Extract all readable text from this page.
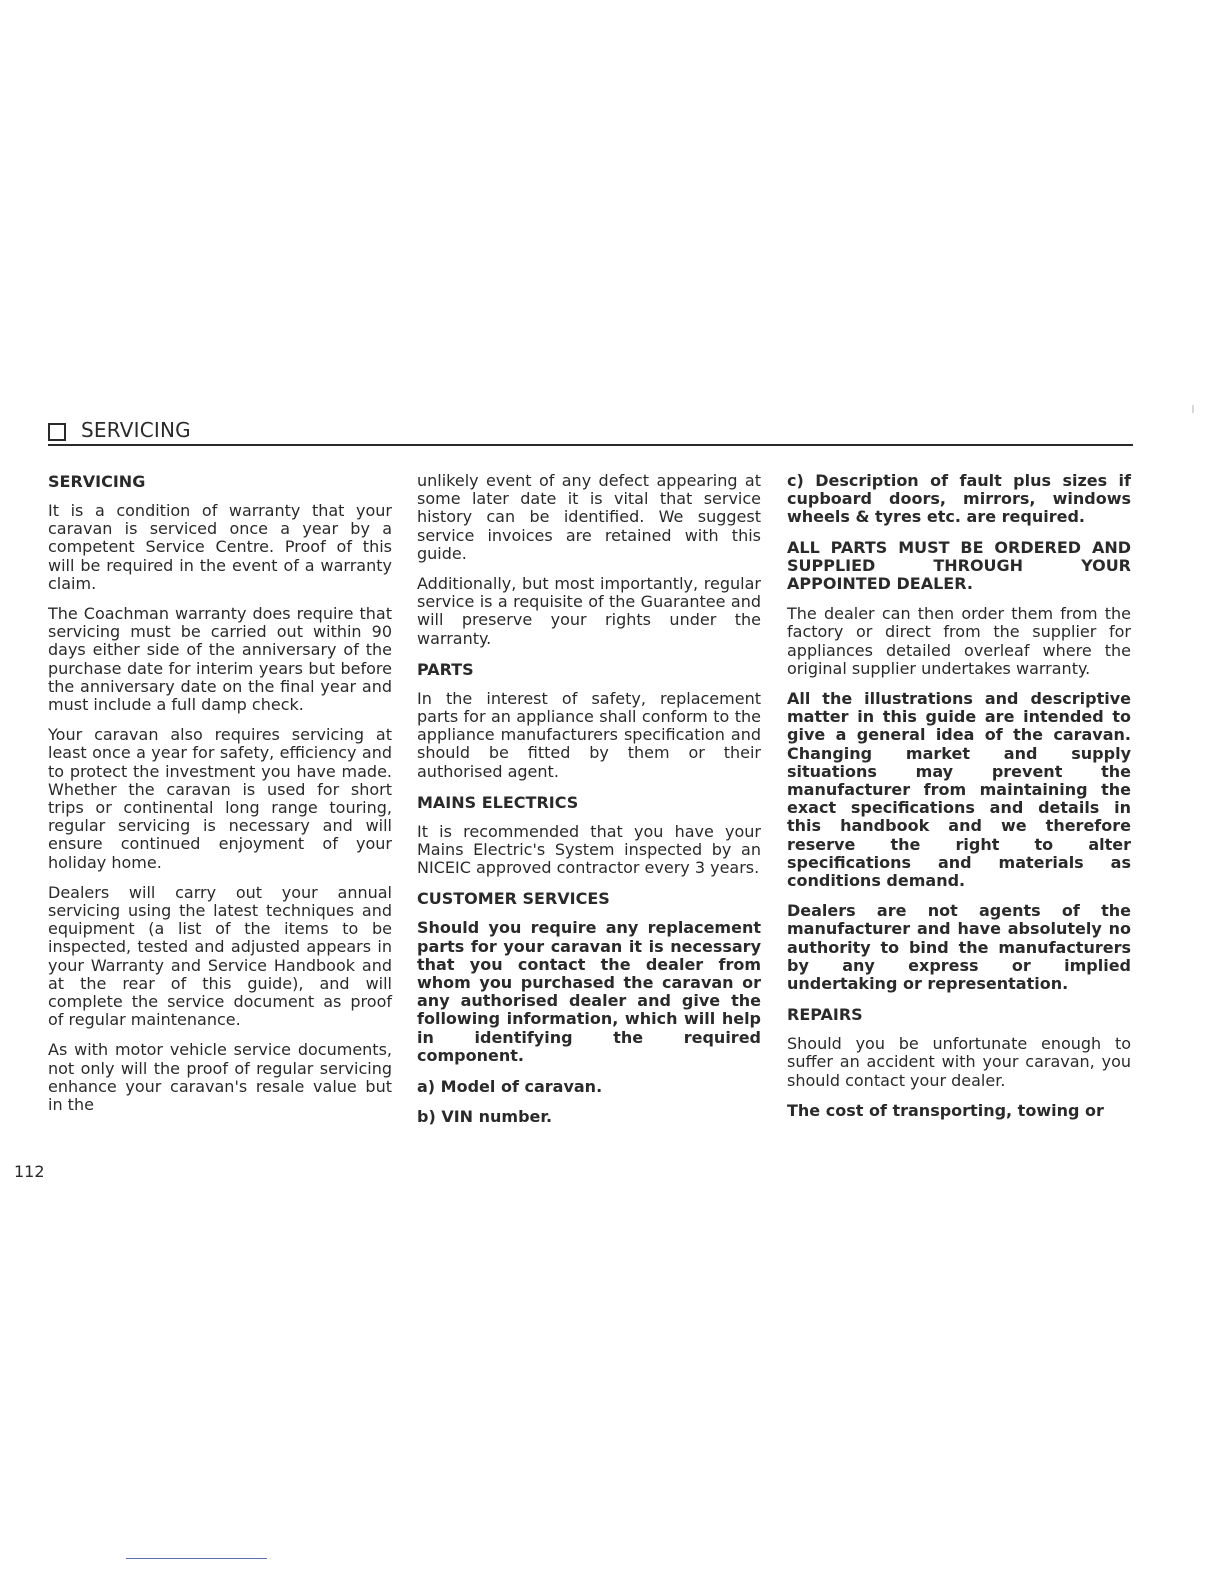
SERVICING
SERVICING

It is a condition of warranty that your caravan is serviced once a year by a competent Service Centre. Proof of this will be required in the event of a warranty claim.

The Coachman warranty does require that servicing must be carried out within 90 days either side of the anniversary of the purchase date for interim years but before the anniversary date on the final year and must include a full damp check.

Your caravan also requires servicing at least once a year for safety, efficiency and to protect the investment you have made. Whether the caravan is used for short trips or continental long range touring, regular servicing is necessary and will ensure continued enjoyment of your holiday home.

Dealers will carry out your annual servicing using the latest techniques and equipment (a list of the items to be inspected, tested and adjusted appears in your Warranty and Service Handbook and at the rear of this guide), and will complete the service document as proof of regular maintenance.

As with motor vehicle service documents, not only will the proof of regular servicing enhance your caravan's resale value but in the

unlikely event of any defect appearing at some later date it is vital that service history can be identified. We suggest service invoices are retained with this guide.

Additionally, but most importantly, regular service is a requisite of the Guarantee and will preserve your rights under the warranty.

PARTS

In the interest of safety, replacement parts for an appliance shall conform to the appliance manufacturers specification and should be fitted by them or their authorised agent.

MAINS ELECTRICS

It is recommended that you have your Mains Electric's System inspected by an NICEIC approved contractor every 3 years.

CUSTOMER SERVICES

Should you require any replacement parts for your caravan it is necessary that you contact the dealer from whom you purchased the caravan or any authorised dealer and give the following information, which will help in identifying the required component.

a) Model of caravan.
b) VIN number.

c) Description of fault plus sizes if cupboard doors, mirrors, windows wheels & tyres etc. are required.

ALL PARTS MUST BE ORDERED AND SUPPLIED THROUGH YOUR APPOINTED DEALER.

The dealer can then order them from the factory or direct from the supplier for appliances detailed overleaf where the original supplier undertakes warranty.

All the illustrations and descriptive matter in this guide are intended to give a general idea of the caravan. Changing market and supply situations may prevent the manufacturer from maintaining the exact specifications and details in this handbook and we therefore reserve the right to alter specifications and materials as conditions demand.

Dealers are not agents of the manufacturer and have absolutely no authority to bind the manufacturers by any express or implied undertaking or representation.

REPAIRS

Should you be unfortunate enough to suffer an accident with your caravan, you should contact your dealer.

The cost of transporting, towing or

112
